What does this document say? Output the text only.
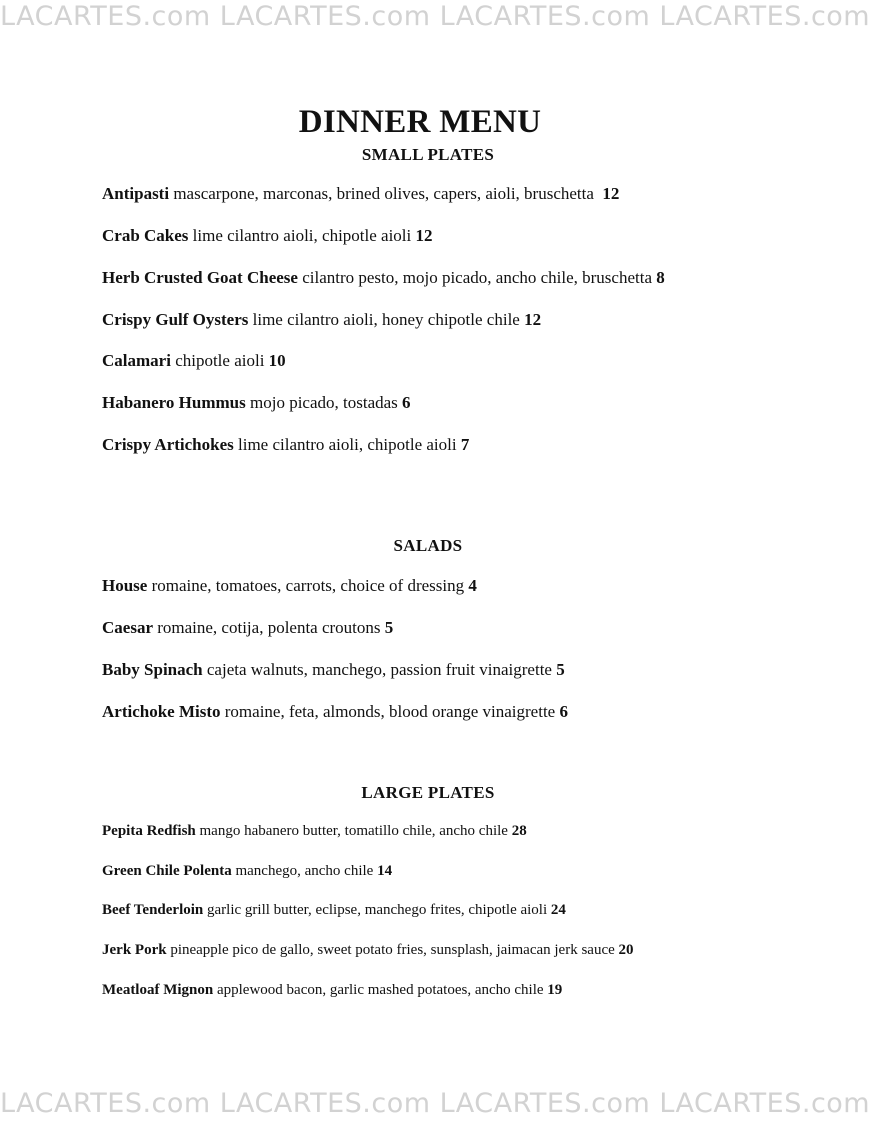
LACARTES.com LACARTES.com LACARTES.com LACARTES.com
DINNER MENU
SMALL PLATES
Antipasti mascarpone, marconas, brined olives, capers, aioli, bruschetta 12
Crab Cakes lime cilantro aioli, chipotle aioli 12
Herb Crusted Goat Cheese cilantro pesto, mojo picado, ancho chile, bruschetta 8
Crispy Gulf Oysters lime cilantro aioli, honey chipotle chile 12
Calamari chipotle aioli 10
Habanero Hummus mojo picado, tostadas 6
Crispy Artichokes lime cilantro aioli, chipotle aioli 7
SALADS
House romaine, tomatoes, carrots, choice of dressing 4
Caesar romaine, cotija, polenta croutons 5
Baby Spinach cajeta walnuts, manchego, passion fruit vinaigrette 5
Artichoke Misto romaine, feta, almonds, blood orange vinaigrette 6
LARGE PLATES
Pepita Redfish mango habanero butter, tomatillo chile, ancho chile 28
Green Chile Polenta manchego, ancho chile 14
Beef Tenderloin garlic grill butter, eclipse, manchego frites, chipotle aioli 24
Jerk Pork pineapple pico de gallo, sweet potato fries, sunsplash, jaimacan jerk sauce 20
Meatloaf Mignon applewood bacon, garlic mashed potatoes, ancho chile 19
LACARTES.com LACARTES.com LACARTES.com LACARTES.com
